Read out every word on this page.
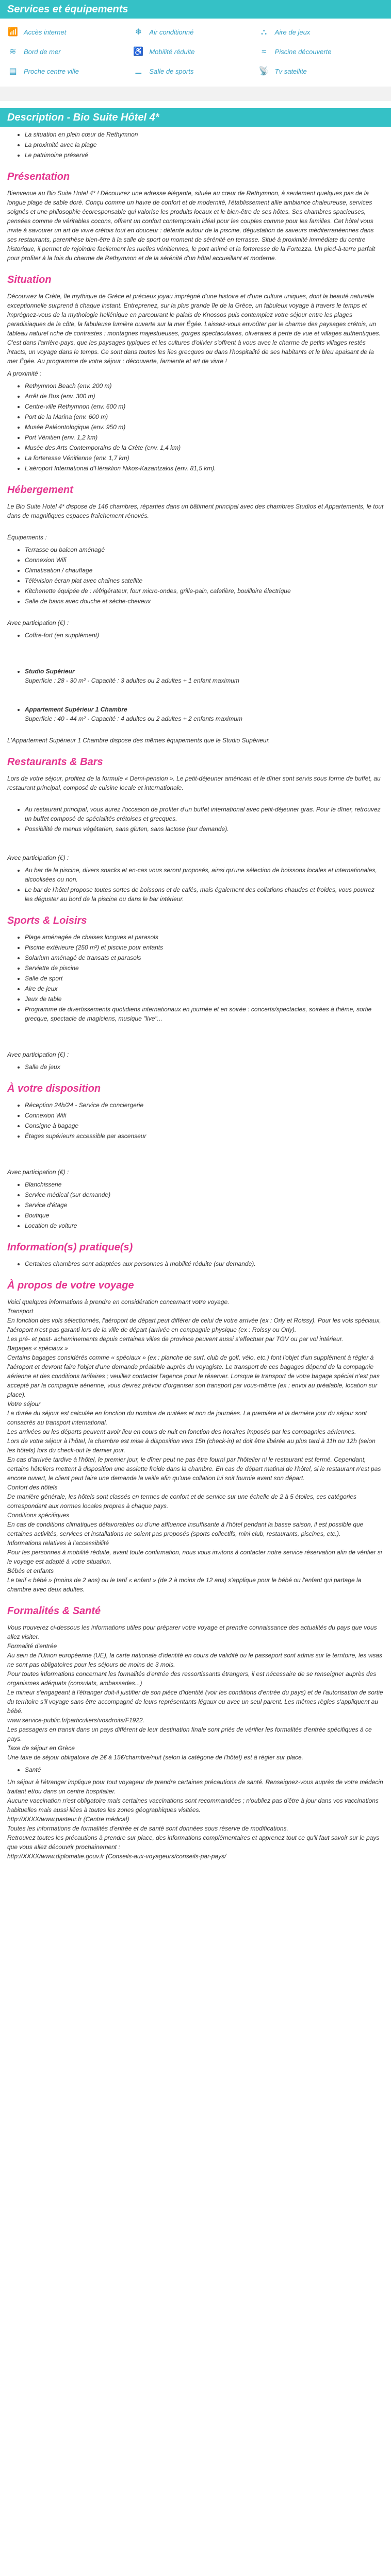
Services et équipements
📶 Accès internet	❄	Air conditionné	⛬	Aire de jeux
≋	Bord de mer	♿ Mobilité réduite	≈	Piscine découverte
▤ Proche centre ville	⚊ Salle de sports	📡 Tv satellite
Description - Bio Suite Hôtel 4*
• La situation en plein cœur de Rethymnon
• La proximité avec la plage
• Le patrimoine préservé
Présentation

Bienvenue au Bio Suite Hotel 4* ! Découvrez une adresse élégante, située au cœur de Rethymnon, à seulement quelques pas de la longue plage de sable doré. Conçu comme un havre de confort et de modernité, l'établissement allie ambiance chaleureuse, services soignés et une philosophie écoresponsable qui valorise les produits locaux et le bien-être de ses hôtes. Ses chambres spacieuses, pensées comme de véritables cocons, offrent un confort contemporain idéal pour les couples comme pour les familles. Cet hôtel vous invite à savourer un art de vivre crétois tout en douceur : détente autour de la piscine, dégustation de saveurs méditerranéennes dans ses restaurants, parenthèse bien-être à la salle de sport ou moment de sérénité en terrasse. Situé à proximité immédiate du centre historique, il permet de rejoindre facilement les ruelles vénitiennes, le port animé et la forteresse de la Fortezza. Un pied-à-terre parfait pour profiter à la fois du charme de Rethymnon et de la sérénité d'un hôtel accueillant et moderne.

Situation

Découvrez la Crète, île mythique de Grèce et précieux joyau imprégné d'une histoire et d'une culture uniques, dont la beauté naturelle exceptionnelle surprend à chaque instant. Entreprenez, sur la plus grande île de la Grèce, un fabuleux voyage à travers le temps et imprégnez-vous de la mythologie hellénique en parcourant le palais de Knossos puis contemplez votre séjour entre les plages paradisiaques de la côte, la fabuleuse lumière ouverte sur la mer Égée. Laissez-vous envoûter par le charme des paysages crétois, un tableau naturel riche de contrastes : montagnes majestueuses, gorges spectaculaires, oliveraies à perte de vue et villages authentiques. C'est dans l'arrière-pays, que les paysages typiques et les cultures d'olivier s'offrent à vous avec le charme de petits villages restés intacts, un voyage dans le temps. Ce sont dans toutes les îles grecques ou dans l'hospitalité de ses habitants et le bleu apaisant de la mer Égée. Au programme de votre séjour : découverte, farniente et art de vivre !

A proximité :

• Rethymnon Beach (env. 200 m)
• Arrêt de Bus (env. 300 m)
• Centre-ville Rethymnon (env. 600 m)
• Port de la Marina (env. 600 m)
• Musée Paléontologique (env. 950 m)
• Port Vénitien (env. 1,2 km)
• Musée des Arts Contemporains de la Crète (env. 1,4 km)
• La forteresse Vénitienne (env. 1,7 km)
• L'aéroport International d'Héraklion Nikos-Kazantzakis (env. 81,5 km).
Hébergement

Le Bio Suite Hotel 4* dispose de 146 chambres, réparties dans un bâtiment principal avec des chambres Studios et Appartements, le tout dans de magnifiques espaces fraîchement rénovés.

Équipements :

• Terrasse ou balcon aménagé
• Connexion Wifi
• Climatisation / chauffage
• Télévision écran plat avec chaînes satellite
• Kitchenette équipée de : réfrigérateur, four micro-ondes, grille-pain, cafetière, bouilloire électrique
• Salle de bains avec douche et sèche-cheveux

Avec participation (€) :

• Coffre-fort (en supplément)
• Studio Supérieur
Superficie : 28 - 30 m² - Capacité : 3 adultes ou 2 adultes + 1 enfant maximum
• Appartement Supérieur 1 Chambre
Superficie : 40 - 44 m² - Capacité : 4 adultes ou 2 adultes + 2 enfants maximum

L'Appartement Supérieur 1 Chambre dispose des mêmes équipements que le Studio Supérieur.

Restaurants & Bars

Lors de votre séjour, profitez de la formule « Demi-pension ». Le petit-déjeuner américain et le dîner sont servis sous forme de buffet, au restaurant principal, composé de cuisine locale et internationale.

• Au restaurant principal, vous aurez l'occasion de profiter d'un buffet international avec petit-déjeuner gras. Pour le dîner, retrouvez un buffet composé de spécialités crétoises et grecques.
• Possibilité de menus végétarien, sans gluten, sans lactose (sur demande).

Avec participation (€) :

• Au bar de la piscine, divers snacks et en-cas vous seront proposés, ainsi qu'une sélection de boissons locales et internationales, alcoolisées ou non.
• Le bar de l'hôtel propose toutes sortes de boissons et de cafés, mais également des collations chaudes et froides, vous pourrez les déguster au bord de la piscine ou dans le bar intérieur.
Sports & Loisirs
• Plage aménagée de chaises longues et parasols
• Piscine extérieure (250 m²) et piscine pour enfants
• Solarium aménagé de transats et parasols
• Serviette de piscine
• Salle de sport
• Aire de jeux
• Jeux de table
• Programme de divertissements quotidiens internationaux en journée et en soirée : concerts/spectacles, soirées à thème, sortie grecque, spectacle de magiciens, musique "live"...

Avec participation (€) :

• Salle de jeux
À votre disposition
• Réception 24h/24 - Service de conciergerie
• Connexion Wifi
• Consigne à bagage
• Étages supérieurs accessible par ascenseur

Avec participation (€) :

• Blanchisserie
• Service médical (sur demande)
• Service d'étage
• Boutique
• Location de voiture
Information(s) pratique(s)
• Certaines chambres sont adaptées aux personnes à mobilité réduite (sur demande).
À propos de votre voyage
Voici quelques informations à prendre en considération concernant votre voyage.
Transport
En fonction des vols sélectionnés, l'aéroport de départ peut différer de celui de votre arrivée (ex : Orly et Roissy). Pour les vols spéciaux, l'aéroport n'est pas garanti lors de la ville de départ (arrivée en compagnie physique (ex : Roissy ou Orly).
Les pré- et post- acheminements depuis certaines villes de province peuvent aussi s'effectuer par TGV ou par vol intérieur.
Bagages « spéciaux »
Certains bagages considérés comme « spéciaux » (ex : planche de surf, club de golf, vélo, etc.) font l'objet d'un supplément à régler à l'aéroport et devront faire l'objet d'une demande préalable auprès du voyagiste. Le transport de ces bagages dépend de la compagnie aérienne et des conditions tarifaires ; veuillez contacter l'agence pour le réserver. Lorsque le transport de votre bagage spécial n'est pas accepté par la compagnie aérienne, vous devrez prévoir d'organiser son transport par vous-même (ex : envoi au préalable, location sur place).
Votre séjour
La durée du séjour est calculée en fonction du nombre de nuitées et non de journées. La première et la dernière jour du séjour sont consacrés au transport international.
Les arrivées ou les départs peuvent avoir lieu en cours de nuit en fonction des horaires imposés par les compagnies aériennes.
Lors de votre séjour à l'hôtel, la chambre est mise à disposition vers 15h (check-in) et doit être libérée au plus tard à 11h ou 12h (selon les hôtels) lors du check-out le dernier jour.
En cas d'arrivée tardive à l'hôtel, le premier jour, le dîner peut ne pas être fourni par l'hôtelier ni le restaurant est fermé. Cependant, certains hôteliers mettent à disposition une assiette froide dans la chambre. En cas de départ matinal de l'hôtel, si le restaurant n'est pas encore ouvert, le client peut faire une demande la veille afin qu'une collation lui soit fournie avant son départ.
Confort des hôtels
De manière générale, les hôtels sont classés en termes de confort et de service sur une échelle de 2 à 5 étoiles, ces catégories correspondant aux normes locales propres à chaque pays.
Conditions spécifiques
En cas de conditions climatiques défavorables ou d'une affluence insuffisante à l'hôtel pendant la basse saison, il est possible que certaines activités, services et installations ne soient pas proposés (sports collectifs, mini club, restaurants, piscines, etc.).
Informations relatives à l'accessibilité
Pour les personnes à mobilité réduite, avant toute confirmation, nous vous invitons à contacter notre service réservation afin de vérifier si le voyage est adapté à votre situation.
Bébés et enfants
Le tarif « bébé » (moins de 2 ans) ou le tarif « enfant » (de 2 à moins de 12 ans) s'applique pour le bébé ou l'enfant qui partage la chambre avec deux adultes.
Formalités & Santé
Vous trouverez ci-dessous les informations utiles pour préparer votre voyage et prendre connaissance des actualités du pays que vous allez visiter.
Formalité d'entrée
Au sein de l'Union européenne (UE), la carte nationale d'identité en cours de validité ou le passeport sont admis sur le territoire, les visas ne sont pas obligatoires pour les séjours de moins de 3 mois.
Pour toutes informations concernant les formalités d'entrée des ressortissants étrangers, il est nécessaire de se renseigner auprès des organismes adéquats (consulats, ambassades...)
Le mineur s'engageant à l'étranger doit-il justifier de son pièce d'identité (voir les conditions d'entrée du pays) et de l'autorisation de sortie du territoire s'il voyage sans être accompagné de leurs représentants légaux ou avec un seul parent. Les mêmes règles s'appliquent au bébé.
www.service-public.fr/particuliers/vosdroits/F1922.
Les passagers en transit dans un pays différent de leur destination finale sont priés de vérifier les formalités d'entrée spécifiques à ce pays.
Taxe de séjour en Grèce
Une taxe de séjour obligatoire de 2€ à 15€/chambre/nuit (selon la catégorie de l'hôtel) est à régler sur place.
• Santé
Un séjour à l'étranger implique pour tout voyageur de prendre certaines précautions de santé. Renseignez-vous auprès de votre médecin traitant et/ou dans un centre hospitalier.
Aucune vaccination n'est obligatoire mais certaines vaccinations sont recommandées ; n'oubliez pas d'être à jour dans vos vaccinations habituelles mais aussi liées à toutes les zones géographiques visitées.
http://XXXX/www.pasteur.fr (Centre médical)
Toutes les informations de formalités d'entrée et de santé sont données sous réserve de modifications.
Retrouvez toutes les précautions à prendre sur place, des informations complémentaires et apprenez tout ce qu'il faut savoir sur le pays que vous allez découvrir prochainement :
http://XXXX/www.diplomatie.gouv.fr (Conseils-aux-voyageurs/conseils-par-pays/
